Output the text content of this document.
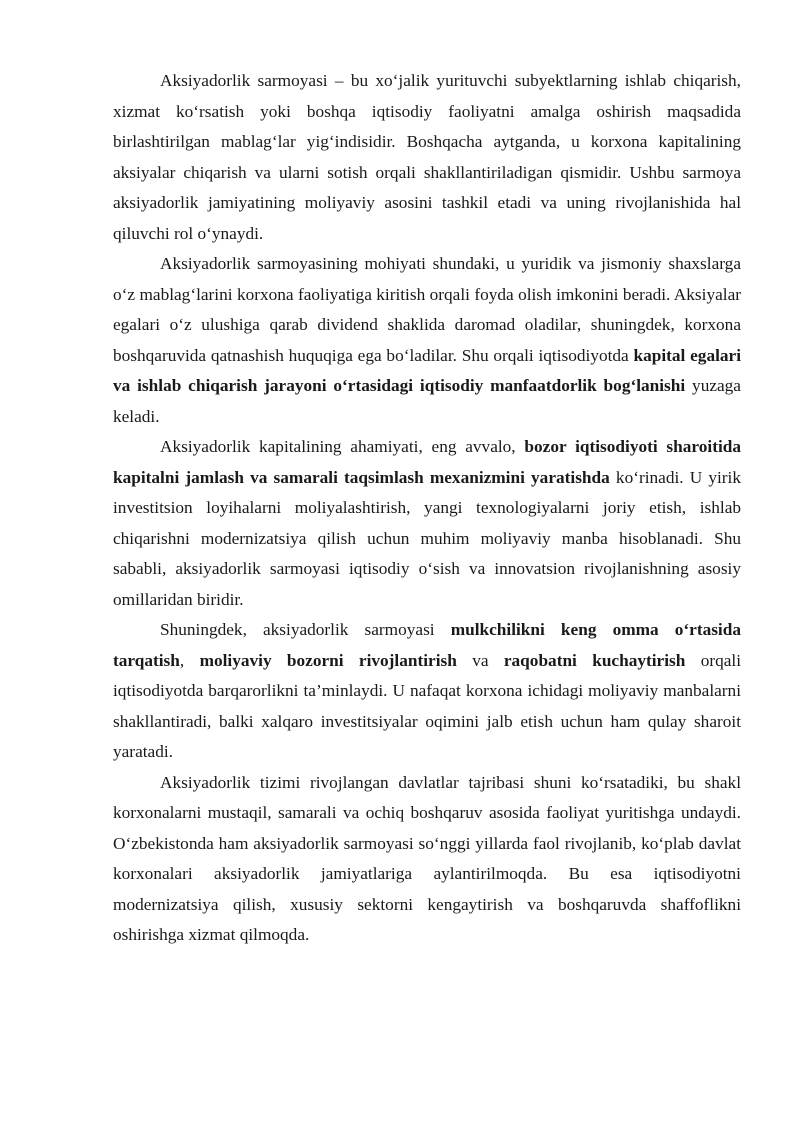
Aksiyadorlik sarmoyasi – bu xo‘jalik yurituvchi subyektlarning ishlab chiqarish, xizmat ko‘rsatish yoki boshqa iqtisodiy faoliyatni amalga oshirish maqsadida birlashtirilgan mablag‘lar yig‘indisidir. Boshqacha aytganda, u korxona kapitalining aksiyalar chiqarish va ularni sotish orqali shakllantiriladigan qismidir. Ushbu sarmoya aksiyadorlik jamiyatining moliyaviy asosini tashkil etadi va uning rivojlanishida hal qiluvchi rol o‘ynaydi.

Aksiyadorlik sarmoyasining mohiyati shundaki, u yuridik va jismoniy shaxslarga o‘z mablag‘larini korxona faoliyatiga kiritish orqali foyda olish imkonini beradi. Aksiyalar egalari o‘z ulushiga qarab dividend shaklida daromad oladilar, shuningdek, korxona boshqaruvida qatnashish huquqiga ega bo‘ladilar. Shu orqali iqtisodiyotda kapital egalari va ishlab chiqarish jarayoni o‘rtasidagi iqtisodiy manfaatdorlik bog‘lanishi yuzaga keladi.

Aksiyadorlik kapitalining ahamiyati, eng avvalo, bozor iqtisodiyoti sharoitida kapitalni jamlash va samarali taqsimlash mexanizmini yaratishda ko‘rinadi. U yirik investitsion loyihalarni moliyalashtirish, yangi texnologiyalarni joriy etish, ishlab chiqarishni modernizatsiya qilish uchun muhim moliyaviy manba hisoblanadi. Shu sababli, aksiyadorlik sarmoyasi iqtisodiy o‘sish va innovatsion rivojlanishning asosiy omillaridan biridir.

Shuningdek, aksiyadorlik sarmoyasi mulkchilikni keng omma o‘rtasida tarqatish, moliyaviy bozorni rivojlantirish va raqobatni kuchaytirish orqali iqtisodiyotda barqarorlikni ta’minlaydi. U nafaqat korxona ichidagi moliyaviy manbalarni shakllantiradi, balki xalqaro investitsiyalar oqimini jalb etish uchun ham qulay sharoit yaratadi.

Aksiyadorlik tizimi rivojlangan davlatlar tajribasi shuni ko‘rsatadiki, bu shakl korxonalarni mustaqil, samarali va ochiq boshqaruv asosida faoliyat yuritishga undaydi. O‘zbekistonda ham aksiyadorlik sarmoyasi so‘nggi yillarda faol rivojlanib, ko‘plab davlat korxonalari aksiyadorlik jamiyatlariga aylantirilmoqda. Bu esa iqtisodiyotni modernizatsiya qilish, xususiy sektorni kengaytirish va boshqaruvda shaffoflikni oshirishga xizmat qilmoqda.
